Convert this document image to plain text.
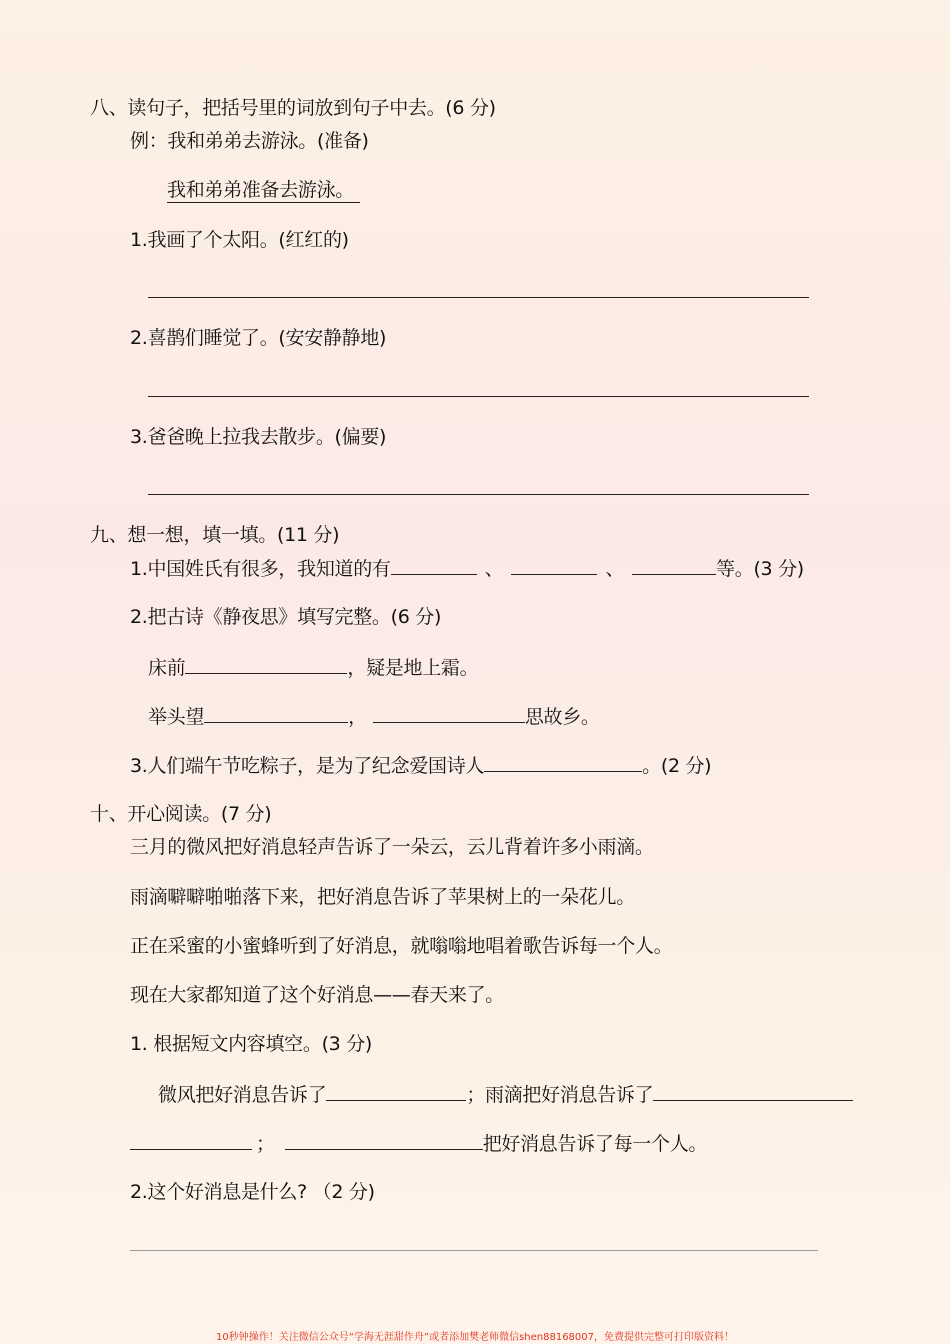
八、读句子，把括号里的词放到句子中去。(6 分)
例：我和弟弟去游泳。(准备)
我和弟弟准备去游泳。
1.我画了个太阳。(红红的)
2.喜鹊们睡觉了。(安安静静地)
3.爸爸晚上拉我去散步。(偏要)
九、想一想，填一填。(11 分)
1.中国姓氏有很多，我知道的有	、	、	等。(3 分)
2.把古诗《静夜思》填写完整。(6 分)
床前	，疑是地上霜。
举头望	，	思故乡。
3.人们端午节吃粽子，是为了纪念爱国诗人	。(2 分)
十、开心阅读。(7 分)
三月的微风把好消息轻声告诉了一朵云，云儿背着许多小雨滴。
雨滴噼噼啪啪落下来，把好消息告诉了苹果树上的一朵花儿。
正在采蜜的小蜜蜂听到了好消息，就嗡嗡地唱着歌告诉每一个人。
现在大家都知道了这个好消息——春天来了。
1. 根据短文内容填空。(3 分)
微风把好消息告诉了	；雨滴把好消息告诉了
；	把好消息告诉了每一个人。
2.这个好消息是什么? （2 分)
10秒钟操作！关注微信公众号“学海无涯甜作舟”或者添加樊老师微信shen88168007，免费提供完整可打印版资料！
